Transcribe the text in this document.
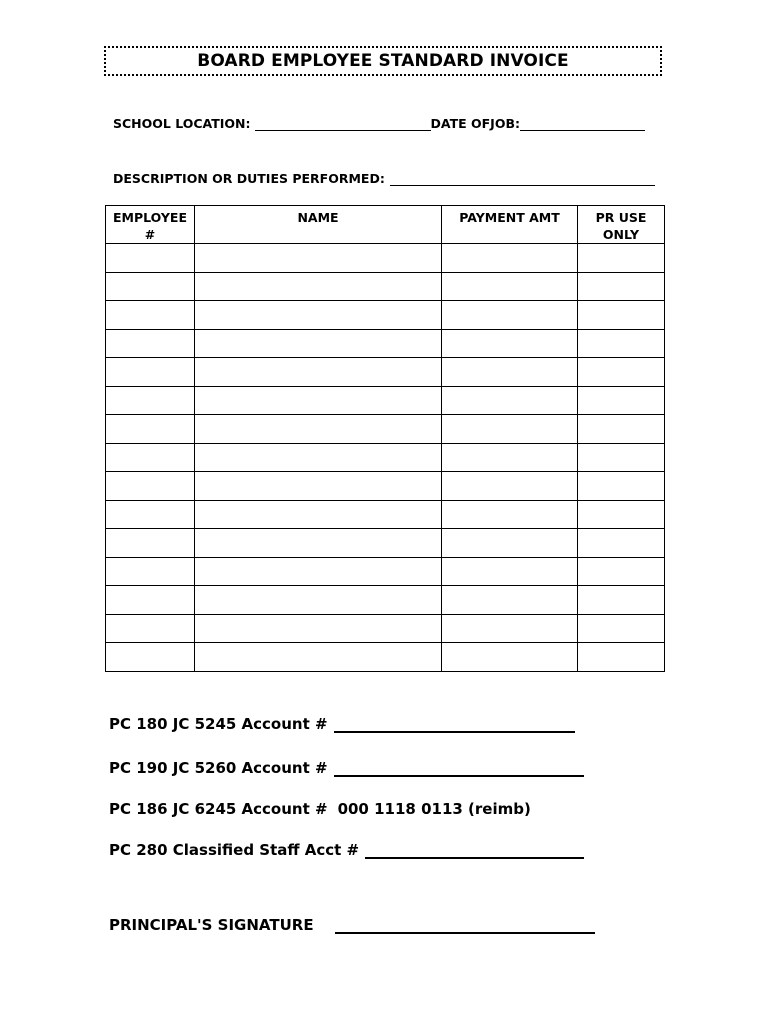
BOARD EMPLOYEE STANDARD INVOICE
SCHOOL LOCATION:	DATE OFJOB:
DESCRIPTION OR DUTIES PERFORMED:
EMPLOYEE
#	NAME	PAYMENT AMT	PR USE
ONLY

PC 180 JC 5245 Account #
PC 190 JC 5260 Account #
PC 186 JC 6245 Account # 000 1118 0113 (reimb)
PC 280 Classified Staff Acct #
PRINCIPAL'S SIGNATURE
